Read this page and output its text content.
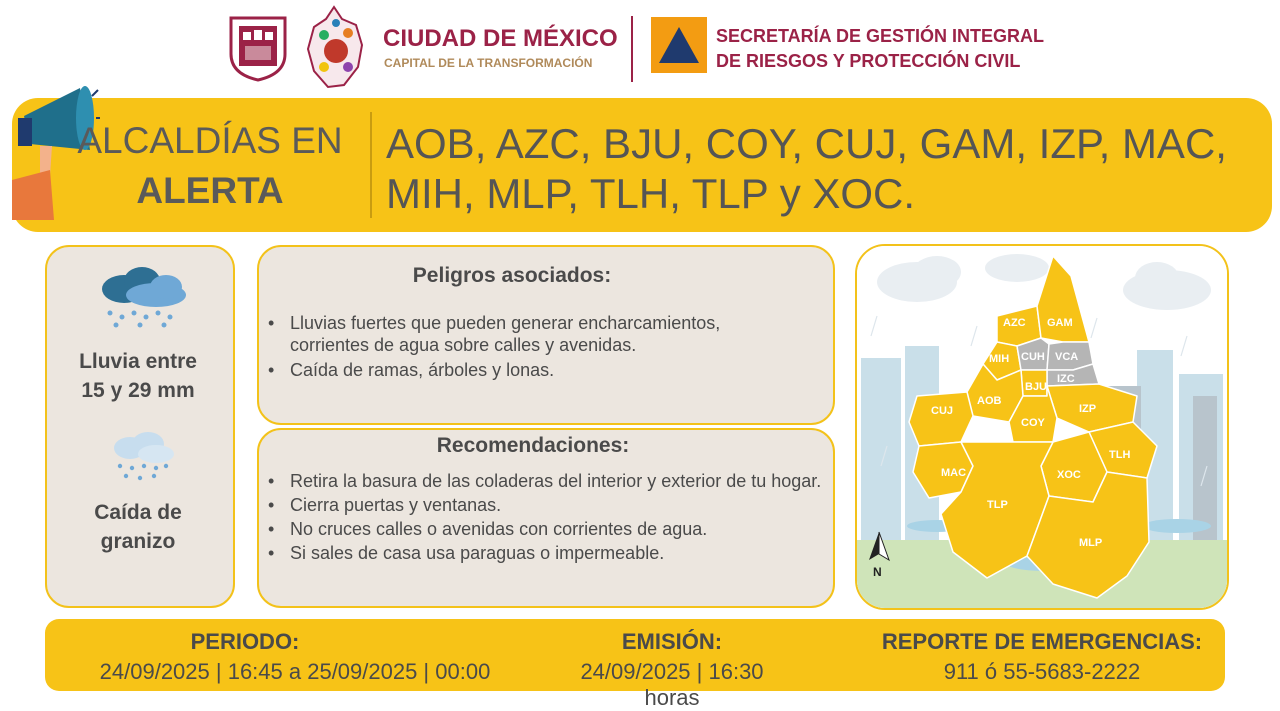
CIUDAD DE MÉXICO
CAPITAL DE LA TRANSFORMACIÓN
SECRETARÍA DE GESTIÓN INTEGRAL
DE RIESGOS Y PROTECCIÓN CIVIL
ALCALDÍAS EN
ALERTA
AOB, AZC, BJU, COY, CUJ, GAM, IZP, MAC,
MIH, MLP, TLH, TLP y XOC.
Lluvia entre
15 y 29 mm
Caída de
granizo
Peligros asociados:
• Lluvias fuertes que pueden generar encharcamientos, corrientes de agua sobre calles y avenidas.
• Caída de ramas, árboles y lonas.
Recomendaciones:
• Retira la basura de las coladeras del interior y exterior de tu hogar.
• Cierra puertas y ventanas.
• No cruces calles o avenidas con corrientes de agua.
• Si sales de casa usa paraguas o impermeable.
AZC GAM
MIH CUH VCA
IZC
BJU
AOB
CUJ	IZP
COY
TLH
MAC	XOC
TLP
MLP
N
PERIODO:
24/09/2025 | 16:45 a 25/09/2025 | 00:00
EMISIÓN:
24/09/2025 | 16:30 horas
REPORTE DE EMERGENCIAS:
911 ó 55-5683-2222
